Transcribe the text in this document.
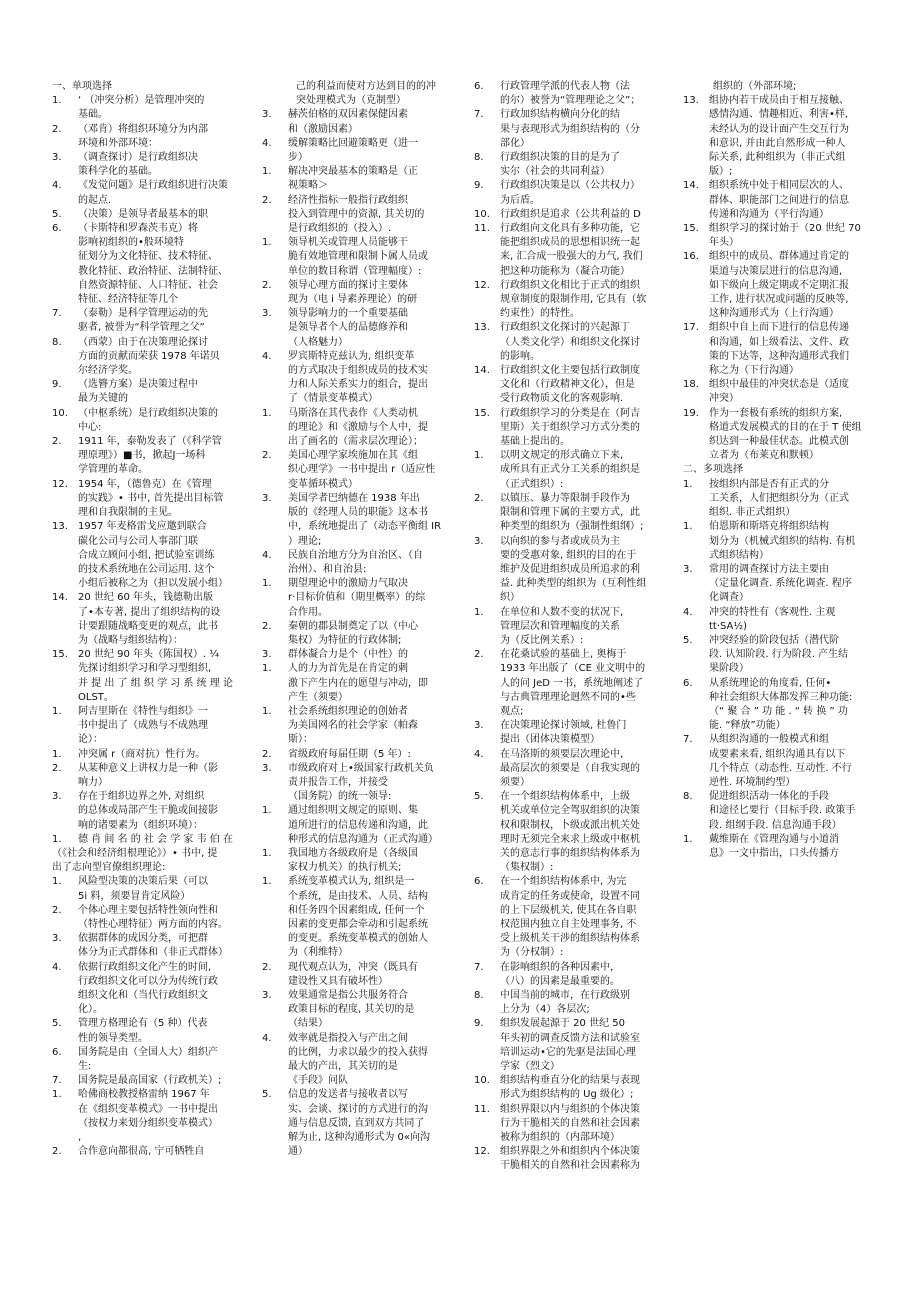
一、单项选择
1.	‘ （冲突分析）是管理冲突的
基础。
2.	（邓肯）将组织环境分为内部
环境和外部环境：
3.	（调查探讨）是行政组织决
策科学化的基础。
4.	《发觉问题》是行政组织进行决策
的起点.
5.	（决策）是领导者最基本的职
6.	（卡斯特和罗森茨韦克）将
影响初组织的•般环境特
征划分为文化特征、技术特征、
教化特征、政治特征、法制特征、
自然资源特征、人口特征、社会
特征、经济特征等几个
7.	（泰勒）是科学管理运动的先
驱者, 被誉为“科学管理之父”
8.	（西蒙）由于在决策理论探讨
方面的贡献而荣获 1978 年诺贝
尔经济学奖。
9.	（选簪方案）是决策过程中
最为关键的
10.	（中枢系统）是行政组织决策的
中心:
2.	1911 年，泰勒发表了（《科学管
理原理》）■书，掀起J一场科
学管理的革命。
12.	1954 年，（德鲁克）在《管理
的实践》• 书中, 首先提出目标管
理和自我限制的主见。
13.	1957 年麦格雷戈应邀到联合
碳化公司与公司人事部门联
合成立顾问小组, 把试验室训练
的技术系统地在公司运用. 这个
小组后被称之为（担以发展小组）
14.	20 世纪 60 年头，钱德勒出版
了•本专著, 提出了组织结构的设
计要跟随战略变更的观点，此书
为（战略与组织结构）：
15.	20 世纪 90 年头（陈国权）. ¼
先探讨组织学习和学习型组织,
并 提 出 了 组 织 学 习 系 统 理 论
OLST。
1.	阿吉里斯在《特性与组织》一
书中提出了（成熟与不成熟理
论）：
1.	冲突属 r（商对抗）性行为。
2.	从某种意义上讲权力是一种（影
响力）
3.	存在于组织边界之外, 对组织
的总体或局部产生干脆或间接影
响的诸要素为（组织环境）：
1.	德 肖 间 名 的 社 会 学 家 韦 伯 在
（《社会和经济组根理论》）• 书中, 提
出了志向型官僚组织理论:
1.	风险型决策的决策后果（可以
5i 料，须要冒肯定风险）
2.	个体心理主要包括特性领向性和
（特性心理特征）两方面的内容。
3.	依据群体的成因分类，可把群
体分为正式群体和（非正式群体）
4.	依据行政组织文化产生的时间,
行政组织文化可以分为传统行政
组织文化和（当代行政组织文
化）。
5.	管理方格理论有（5 种）代表
性的领导类型。
6.	国务院是由（全国人大）组织产
生:
7.	国务院是最高国家（行政机关）;
1.	哈佛商校教授格雷纳 1967 年
在《组织变革模式》一书中提出
（按权力来划分组织变革模式）
,
2.	合作意向都很高, 宁可牺牲自
己的利益而使对方达到目的的冲
突处理模式为（克制型）
3.	赫茨伯格的双因素保健因素
和（激励因素）
4.	缓解策略比回避策略更（进一
步）
1.	解决冲突最基本的策略是（正
视策略＞
2.	经济性指标一般指行政组织
投入到管理中的资源, 其关切的
是行政组织的（投入）.
1.	领导机关或管理人员能够干
脆有效地管理和限制卜属人员或
单位的数目称谓（管理幅度）:
2.	领导心理方面的探讨主要体
现为（电 i 导素养理论）的研
3.	领导影响力的一个重要基础
是领导者个人的品德修养和
（人格魅力）
4.	罗宾斯特克兹认为, 组织变革
的方式取决于组织成员的技术实
力和人际关系实力的组合，提出
了（情景变革模式）
1.	马斯洛在其代表作《人类动机
的理论》和《激励与个人中，提
出了画名的（需求层次理论）；
2.	美国心理学家埃施加在其《组
织心理学》一书中提出 r（适应性
变革循环模式）
3.	美国学者巴纳德在 1938 年出
版的《经理人员的职能》这本书
中，系统地提出了（动态平衡组 IR
）理论;
4.	民族自治地方分为自治区、（自
治州）、和自治县:
1.	期望理论中的激励力气取决
r·目标价值和（期里概率）的综
合作用。
2.	秦朝的郡县制奠定了以（中心
集权）为特征的行政体制;
3.	群体凝合力是个（中性）的
1.	人的力为首先是在肯定的刺
激下产生内在的愿望与冲动，即
产生（须要）
1.	社会系统组织理论的创始者
为美国网名的社会学家（帕森
斯）：
2.	省级政府每届任期（5 年）:
3.	市级政府对上•级国家行政机关负
责并报告工作，并接受
（国务院）的统一领导:
1.	通过组织明文规定的原则、集
道所进行的信息传递和沟通，此
种形式的信息沟通为（正式沟通）
1.	我国地方各级政府是（各级国
家权力机关）的执行机关;
1.	系统变革模式认为, 组织是一
个系统，是由技术、人员、结构
和任务四个因素组成, 任何一个
因素的变更都会牵动和引起系统
的变更。系统变革模式的创始人
为（利维特）
2.	现代观点认为，冲突（既具有
建设性又具有破坏性）
3.	效果通常是指公共服务符合
政策目标的程度, 其关切的是
（结果）
4.	效率就是指投入与产出之间
的比例，力求以最少的投入获得
最大的产出，其关切的是
《手段》问队
5.	信息的发送者与接收者以写
实、会谈、探讨的方式进行的沟
通与信息反馈, 直到双方共同了
解为止, 这种沟通形式为 0«向沟
通）
6.	行政管理学派的代表人物（法
的尔）被誉为“管理理论之父”；
7.	行政加织结构横向分化的结
果与表现形式为组织结构的（分
部化）
8.	行政组织决策的目的是为了
实尔（社会的共同利益）
9.	行政组织决策是以（公共权力）
为后盾。
10.	行政组织是追求（公共利益的 D
11.	行政组向文化具有多种功能，它
能把组织成员的思想相识统一起
来, 汇合成一股强大的力气, 我们
把这种功能称为（凝合功能）
12.	行政组织文化相比于正式的组织
规章制度的限制作用, 它具有（软
约束性）的特性。
13.	行政组织文化探讨的兴起源丁
（人类文化学）和组织文化探讨
的影响。
14.	行政组织文化主要包括行政制度
文化和（行政精神文化），但是
受行政物质文化的客观影响.
15.	行政组织学习的分类是在（阿吉
里斯）关于组织学习方式分类的
基础上提出的。
1.	以明文规定的形式确立下来,
成所具有正式分工关系的组织是
（正式组织）:
2.	以镇压、暴力等限制手段作为
限制和管理下属的主要方式，此
种类型的组织为（强制性组纲）;
3.	以向织的参与者或成员为主
要的受惠对象, 组织的目的在于
维护及促进组织成员所追求的利
益. 此种类型的组织为（互利性组
织）
1.	在单位和人数不变的状况下,
管理层次和管理幅度的关系
为（反比例关系）:
2.	在花桑试验的基础上, 奥梅于
1933 年出版了（CE 业文明中的
人的问 JeD 一书，系统地阐述了
与古典管理理论迥然不同的•些
观点;
3.	在决策理论探讨领域, 杜鲁门
提出（团体决策模型）
4.	在马洛斯的须要层次理论中,
最高层次的须要是（自我实现的
须要）
5.	在一个组织结构体系中，上级
机关或单位完全驾驭组织的决策
权和限制权，卜级或派出机关处
理时无须完全来求上级或中枢机
关的意志行事的组织结构体系为
（集权制）:
6.	在一个组织结构体系中, 为完
成肯定的任务或使命，设置不同
的上下层级机关, 使其在各自职
权范围内独立自主处理事务, 不
受上级机关干涉的组织结构体系
为（分权制）:
7.	在影响组织的各种因素中，
（八）的因素是最重要的。
8.	中国当前的城市，在行政级别
上分为（4）各层次;
9.	组织发展起源于 20 世纪 50
年头初的调查反馈方法和试验室
培训运动•它的先驱是法国心理
学家（烈文）
10.	组织结构垂直分化的结果与表现
形式为组织结构的 Ug 级化）;
11.	组织界限以内与组织的个体决策
行为干脆相关的自然和社会因素
被称为组织的（内部环境）
12.	组织界限之外和组织内个体决策
干脆相关的自然和社会因素称为
组织的（外部环境;
13.	组协内若干成员由于相互接触、
感情沟通、情趣相近、利害•样,
未经认为的设计面产生交互行为
和意识, 并由此自然形成一种人
际关系, 此种组织为（非正式组
版）;
14.	组织系统中处于相同层次的人、
群体、职能部门之间进行的信息
传递和沟通为（平行沟通）
15.	组织学习的探讨始于（20 世纪 70
年头）
16.	组织中的成员、群体通过肯定的
渠道与决策层进行的信息沟通,
如下级向上级定期或不定期汇报
工作, 进行状况或问题的反映等,
这种沟通形式为（上行沟通）
17.	组织中自上而下进行的信息传递
和沟通，如上级看法、文件、政
策的下达等，这种沟通形式我们
称之为（下行沟通）
18.	组织中最佳的冲突状态是（适度
冲突）
19.	作为一套极有系统的组织方案,
格道式发展模式的目的在于 T 使组
织达到一种最佳状态。此模式创
立者为（布莱克和默顿）
二、多项选择
1.	按组织内部是否有正式的分
工关系，人们把组织分为（正式
组织. 非正式组织）
1.	伯恩斯和斯塔克将组织结构
划分为（机械式组织的结构. 有机
式组织结构）
3.	常用的调查探讨方法主要由
（定量化调查. 系统化调查. 程序
化调查）
4.	冲突的特性有（客观性. 主观
tt·SA½)
5.	冲突经验的阶段包括（潜代阶
段. 认知阶段. 行为阶段. 产生结
果阶段）
6.	从系统理论的角度看, 任何•
种社会组织大体都发挥三种功能:
（“ 聚 合 ” 功 能 . “ 转 换 ” 功
能. “释放”功能）
7.	从组织沟通的一般模式和组
成要素来看, 组织沟通具有以下
几个特点（动态性. 互动性. 不行
逆性. 环境制约型）
8.	促进组织活动一体化的手段
和途径匕要行（目标手段. 政策手
段. 组纲手段. 信息沟通手段）
1.	戴维斯在《管理沟通与小道消
息》一文中指出，口头传播方
